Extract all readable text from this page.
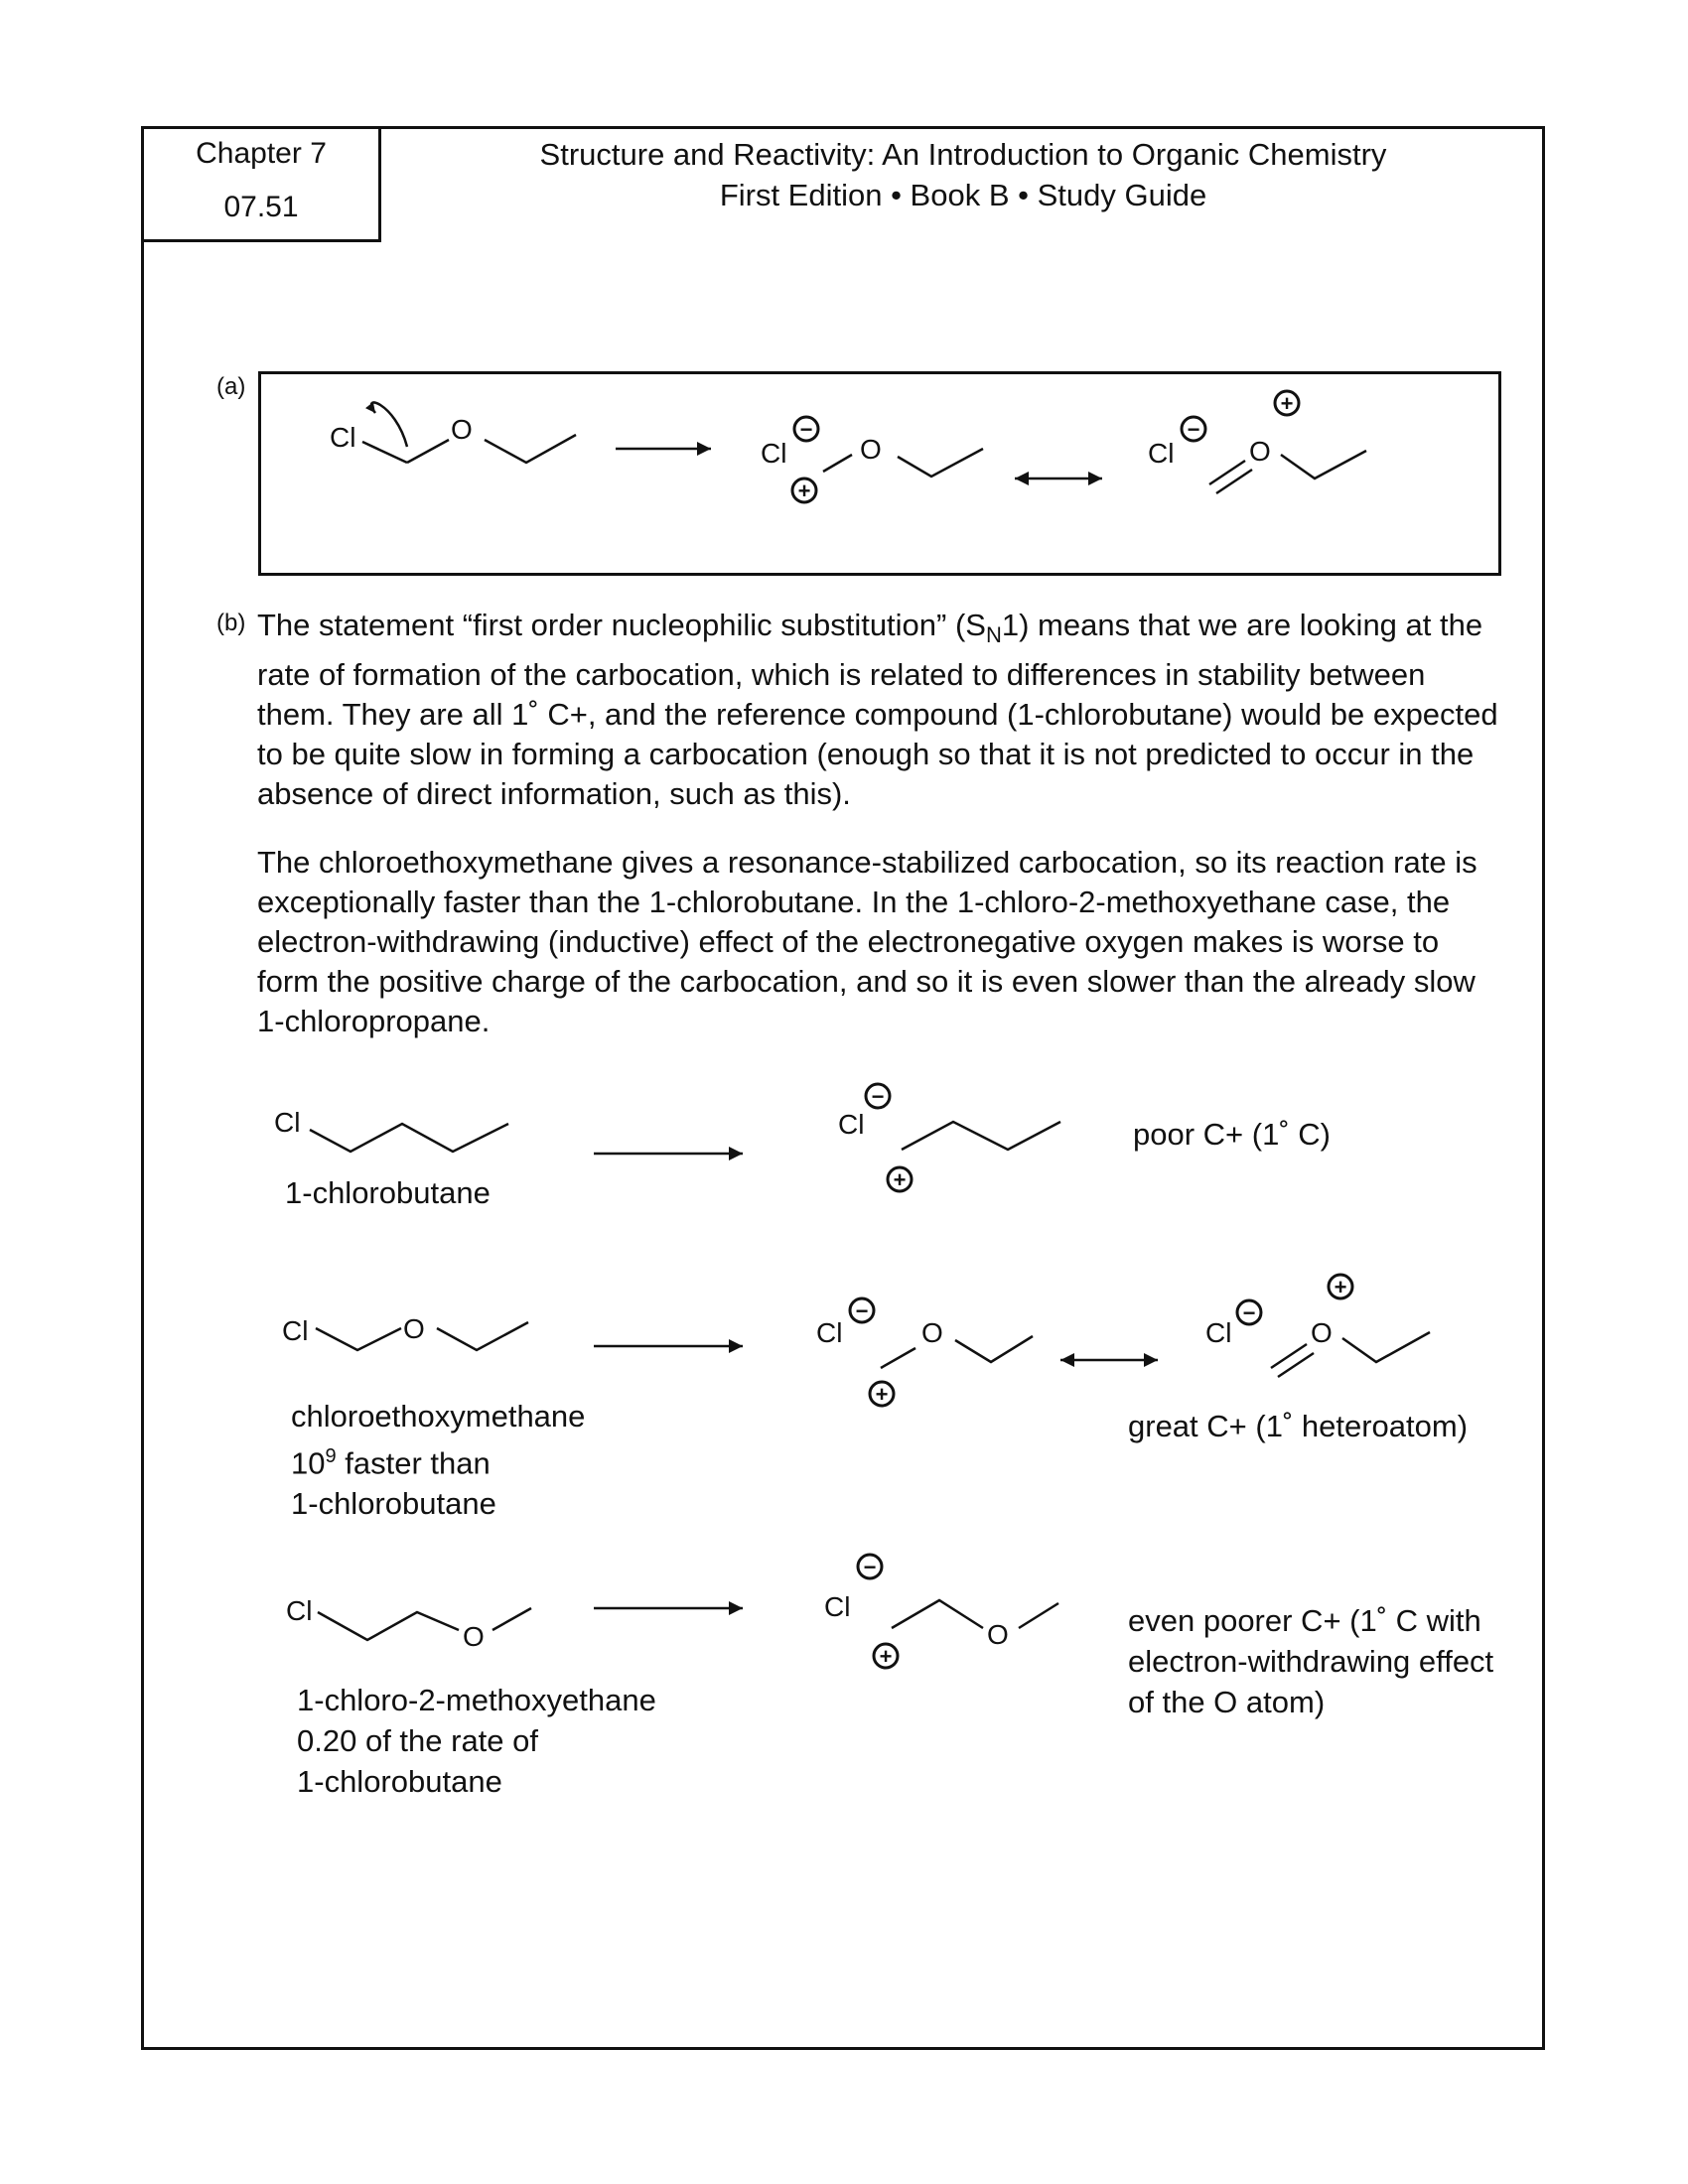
Chapter 7
07.51
Structure and Reactivity: An Introduction to Organic Chemistry
First Edition • Book B • Study Guide
(a)
(b) The statement “first order nucleophilic substitution” $(S_N1)$ means that we are looking at the rate of formation of the carbocation, which is related to differences in stability between them. They are all 1˚ C+, and the reference compound (1-chlorobutane) would be expected to be quite slow in forming a carbocation (enough so that it is not predicted to occur in the absence of direct information, such as this).

The chloroethoxymethane gives a resonance-stabilized carbocation, so its reaction rate is exceptionally faster than the 1-chlorobutane. In the 1-chloro-2-methoxyethane case, the electron-withdrawing (inductive) effect of the electronegative oxygen makes is worse to form the positive charge of the carbocation, and so it is even slower than the already slow
1-chloropropane.

1-chlorobutane
poor C+ (1˚ C)
chloroethoxymethane
$10^9$ faster than
1-chlorobutane
great C+ (1˚ heteroatom)
1-chloro-2-methoxyethane
0.20 of the rate of
1-chlorobutane
even poorer C+ (1˚ C with
electron-withdrawing effect
of the O atom)
Cl	O
Cl	O	Cl	O
Cl	Cl
Cl	O	Cl	O	Cl	O
Cl
O
Cl
O
−
+
−
+
−
+
−
+
−
+
−
+
